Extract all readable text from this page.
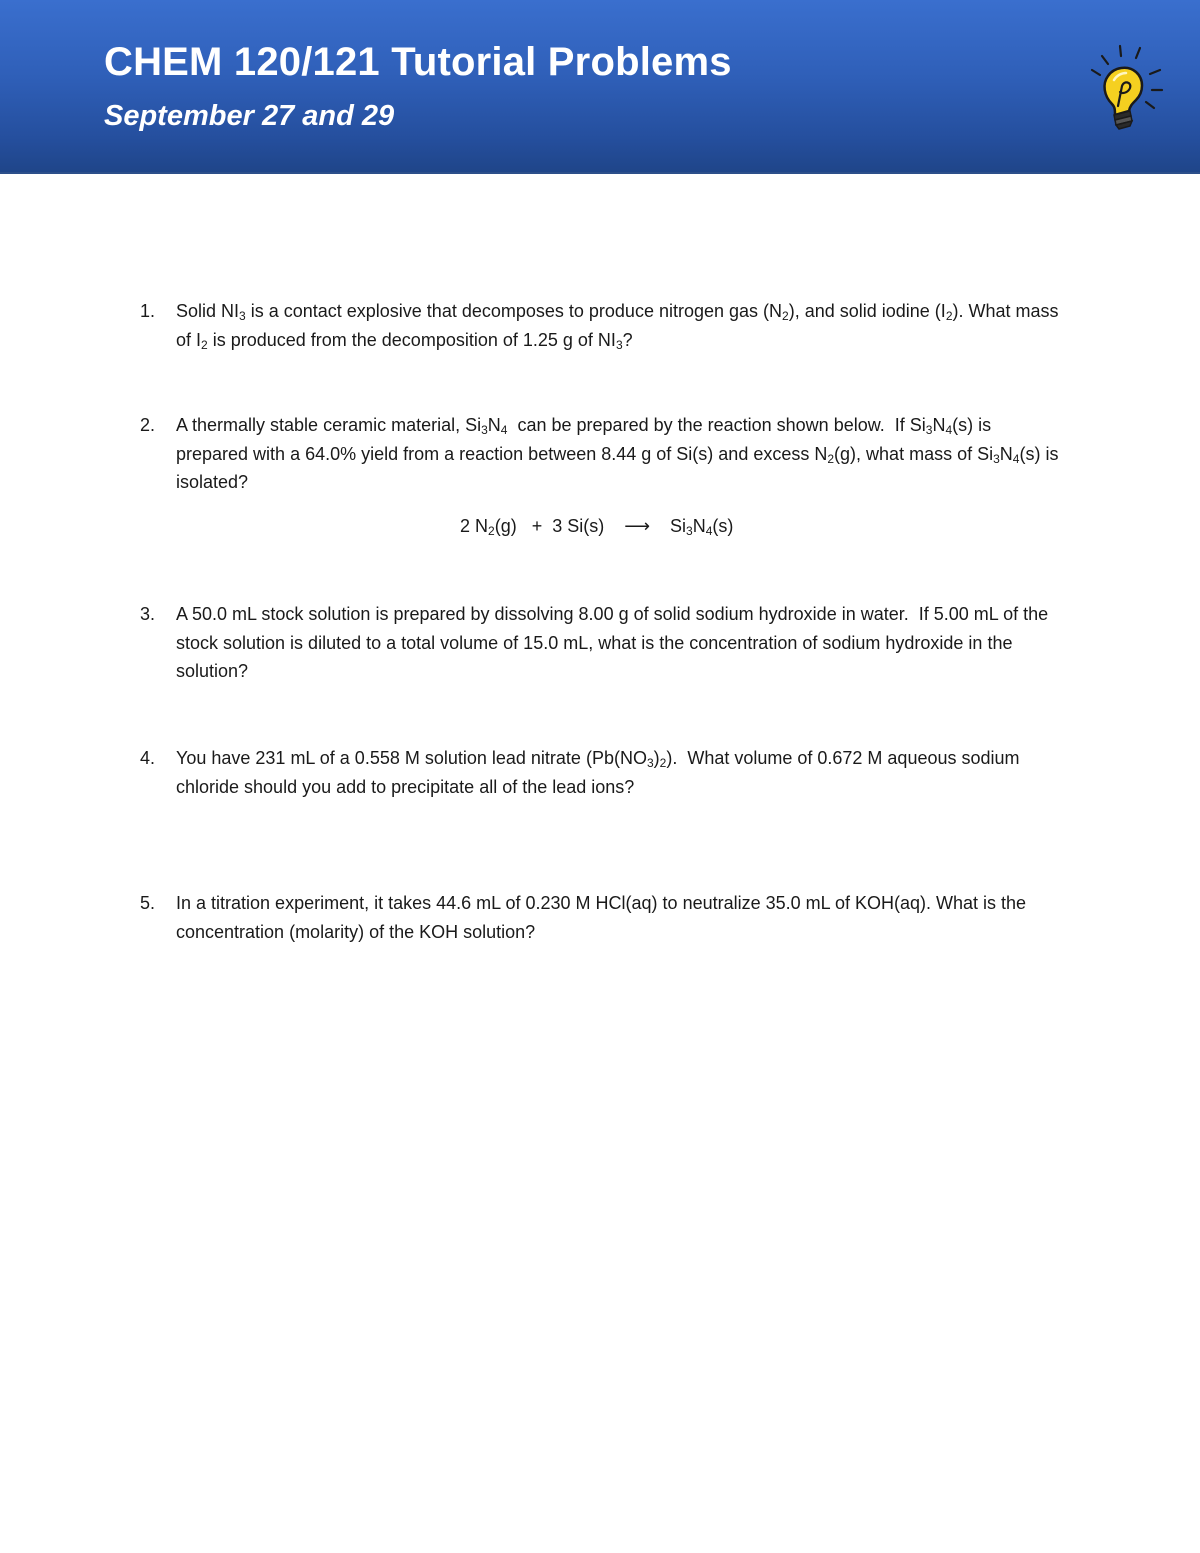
CHEM 120/121 Tutorial Problems
September 27 and 29
1. Solid $NI_3$ is a contact explosive that decomposes to produce nitrogen gas $(N_2)$, and solid iodine $(I_2)$. What mass of $I_2$ is produced from the decomposition of 1.25 g of $NI_3$?
2. A thermally stable ceramic material, $Si_3N_4$  can be prepared by the reaction shown below.  If $Si_3N_4(s)$ is prepared with a 64.0% yield from a reaction between 8.44 g of Si(s) and excess $N_2(g)$, what mass of $Si_3N_4(s)$ is isolated?
2 $N_2(g) + 3$ Si(s)    ⟶    $Si_3N_4(s)$
3. A 50.0 mL stock solution is prepared by dissolving 8.00 g of solid sodium hydroxide in water.  If 5.00 mL of the stock solution is diluted to a total volume of 15.0 mL, what is the concentration of sodium hydroxide in the solution?
4. You have 231 mL of a 0.558 M solution lead nitrate $(Pb(NO_3)_2)$.  What volume of 0.672 M aqueous sodium chloride should you add to precipitate all of the lead ions?
5. In a titration experiment, it takes 44.6 mL of 0.230 M HCl(aq) to neutralize 35.0 mL of KOH(aq). What is the concentration (molarity) of the KOH solution?
